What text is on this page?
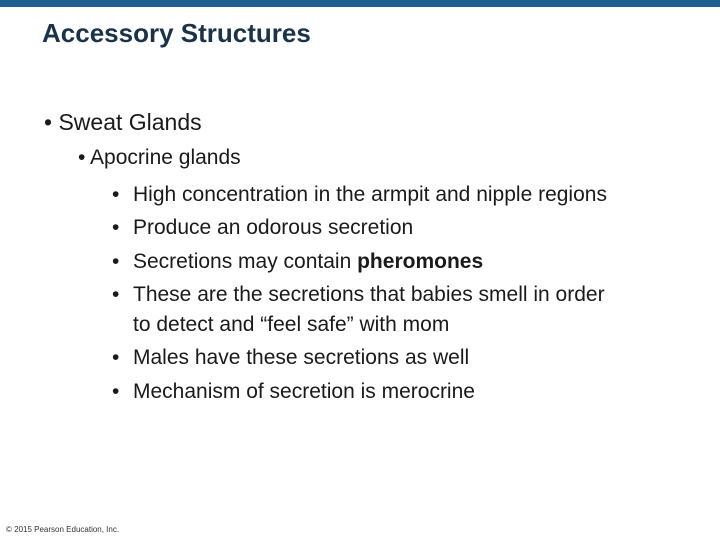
Accessory Structures
• Sweat Glands
• Apocrine glands
• High concentration in the armpit and nipple regions
• Produce an odorous secretion
• Secretions may contain pheromones
• These are the secretions that babies smell in order
to detect and “feel safe” with mom
• Males have these secretions as well
• Mechanism of secretion is merocrine
© 2015 Pearson Education, Inc.
